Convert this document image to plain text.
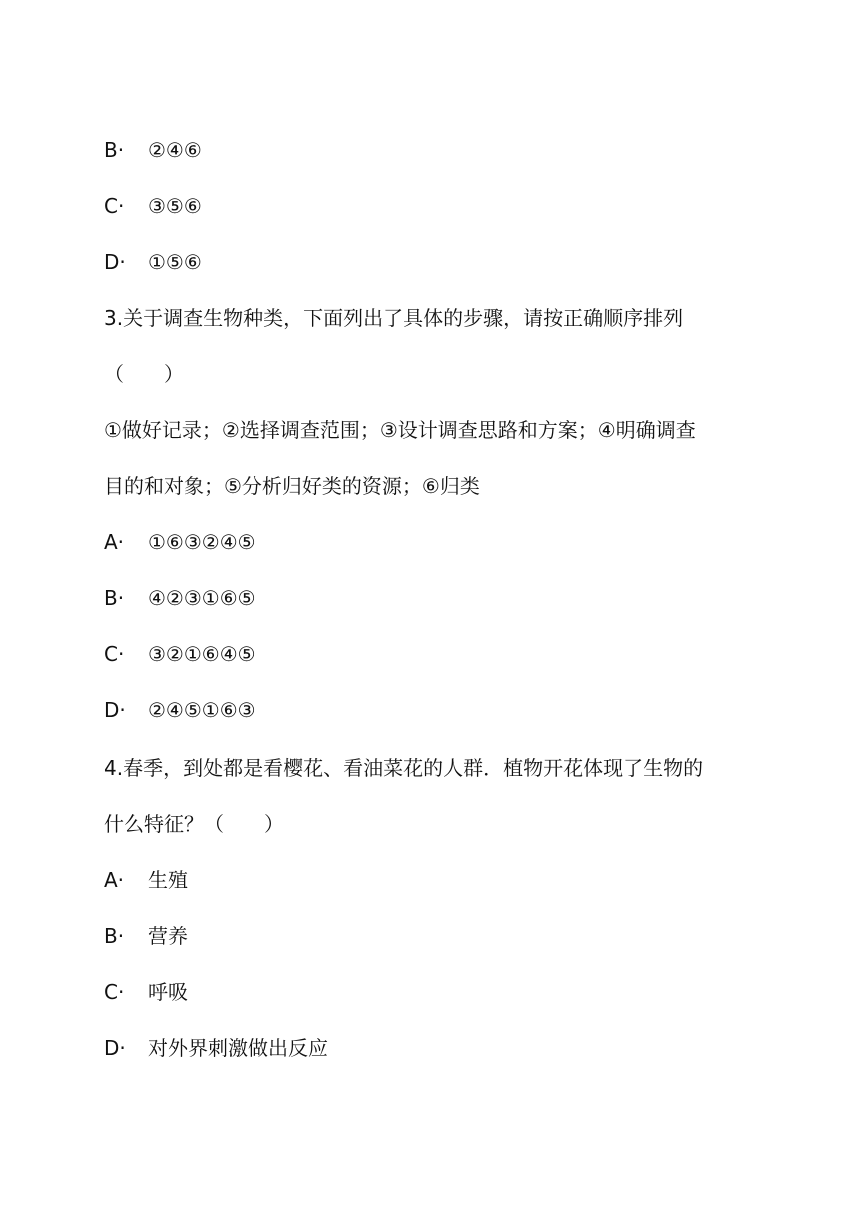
B· ②④⑥
C· ③⑤⑥
D· ①⑤⑥
3.关于调查生物种类，下面列出了具体的步骤，请按正确顺序排列
（　　）
①做好记录；②选择调查范围；③设计调查思路和方案；④明确调查
目的和对象；⑤分析归好类的资源；⑥归类
A· ①⑥③②④⑤
B· ④②③①⑥⑤
C· ③②①⑥④⑤
D· ②④⑤①⑥③
4.春季，到处都是看樱花、看油菜花的人群．植物开花体现了生物的
什么特征？（　　）
A· 生殖
B· 营养
C· 呼吸
D· 对外界刺激做出反应
